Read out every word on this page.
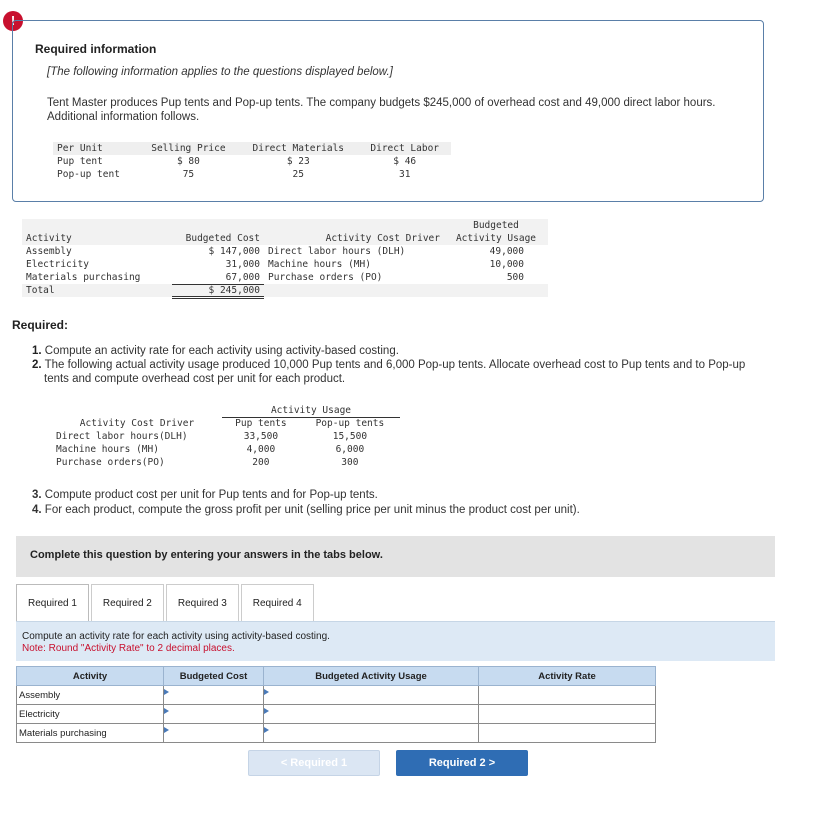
!
Required information
[The following information applies to the questions displayed below.]
Tent Master produces Pup tents and Pop-up tents. The company budgets $245,000 of overhead cost and 49,000 direct labor hours. Additional information follows.
Per Unit	Selling Price	Direct Materials	Direct Labor
Pup tent	$ 80	$ 23	$ 46
Pop-up tent	75	25	31
			Budgeted
Activity	Budgeted Cost	Activity Cost Driver	Activity Usage
Assembly	$ 147,000	Direct labor hours (DLH)	49,000
Electricity	31,000	Machine hours (MH)	10,000
Materials purchasing	67,000	Purchase orders (PO)	500
Total	$ 245,000		
Required:

1. Compute an activity rate for each activity using activity-based costing.

2. The following actual activity usage produced 10,000 Pup tents and 6,000 Pop-up tents. Allocate overhead cost to Pup tents and to Pop-up tents and compute overhead cost per unit for each product.

	Activity Usage	
Activity Cost Driver	Pup tents	Pop-up tents
Direct labor hours(DLH)	33,500	15,500
Machine hours (MH)	4,000	6,000
Purchase orders(PO)	200	300

3. Compute product cost per unit for Pup tents and for Pop-up tents.

4. For each product, compute the gross profit per unit (selling price per unit minus the product cost per unit).

Complete this question by entering your answers in the tabs below.
Required 1	Required 2	Required 3	Required 4
Compute an activity rate for each activity using activity-based costing.
Note: Round "Activity Rate" to 2 decimal places.
Activity	Budgeted Cost	Budgeted Activity Usage	Activity Rate
Assembly			
Electricity			
Materials purchasing			
< Required 1	Required 2 >
